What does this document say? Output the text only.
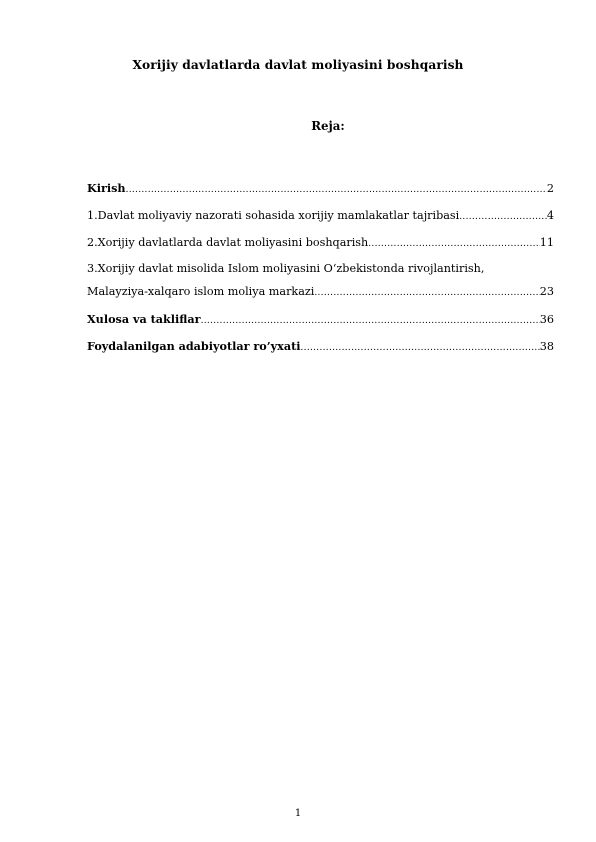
Xorijiy davlatlarda davlat moliyasini boshqarish
Reja:
Kirish .....	2
1.Davlat moliyaviy nazorati sohasida xorijiy mamlakatlar tajribasi .....	4
2.Xorijiy davlatlarda davlat moliyasini boshqarish .....	11
3.Xorijiy davlat misolida Islom moliyasini O‘zbekistonda rivojlantirish,
Malayziya-xalqaro islom moliya markazi .....	23
Xulosa va takliflar .....	36
Foydalanilgan adabiyotlar ro’yxati .....	38
1
